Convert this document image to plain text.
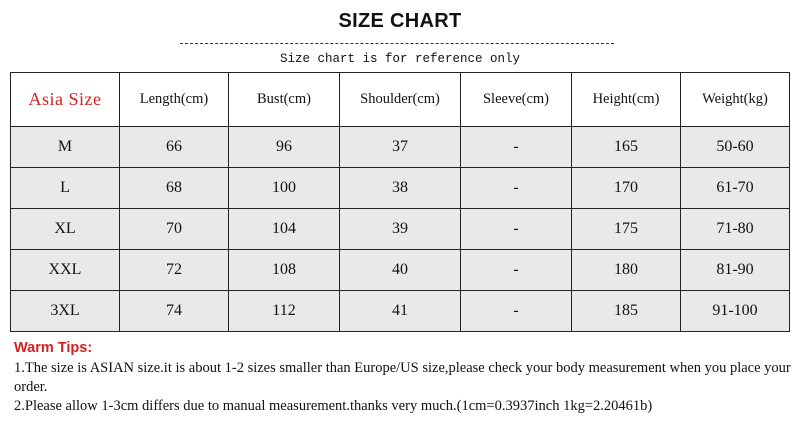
SIZE CHART
Size chart is for reference only
Asia Size	Length(cm)	Bust(cm)	Shoulder(cm)	Sleeve(cm)	Height(cm)	Weight(kg)
M	66	96	37	-	165	50-60
L	68	100	38	-	170	61-70
XL	70	104	39	-	175	71-80
XXL	72	108	40	-	180	81-90
3XL	74	112	41	-	185	91-100
Warm Tips:

1.The size is ASIAN size.it is about 1-2 sizes smaller than Europe/US size,please check your body measurement when you place your order.

2.Please allow 1-3cm differs due to manual measurement.thanks very much.(1cm=0.3937inch 1kg=2.20461b)
